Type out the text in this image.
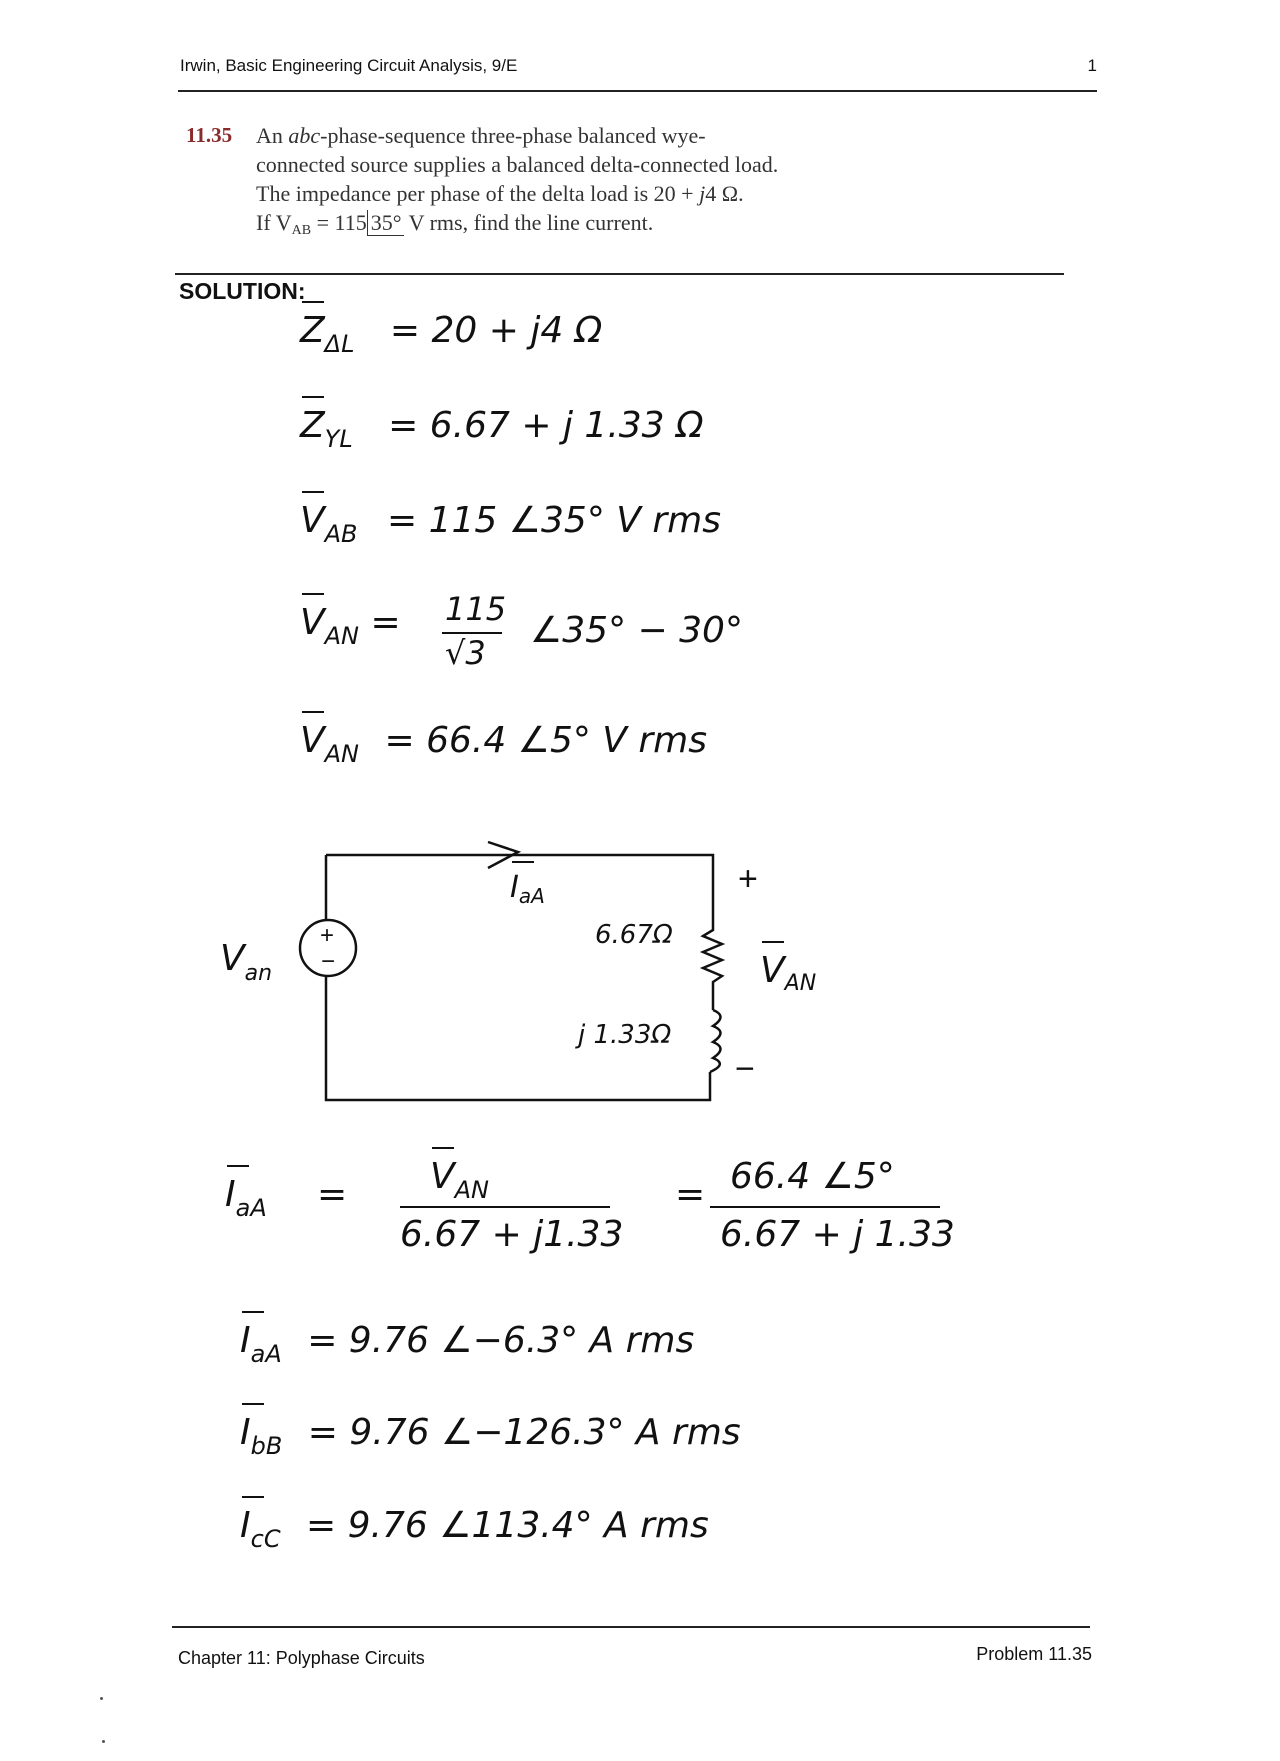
Irwin, Basic Engineering Circuit Analysis, 9/E	1
11.35 An abc-phase-sequence three-phase balanced wye-
connected source supplies a balanced delta-connected load.
The impedance per phase of the delta load is 20 + j4 Ω.
If $V_{AB} = 115$ 35° V rms, find the line current.
SOLUTION:
$Z_{\Delta L} = 20 + j4$ Ω
$Z_{YL} = 6.67 + j$ 1.33 Ω
$V_{AB} = 115$ ∠35° V rms
$V_{AN} = 115$
√3
∠35° − 30°
$V_{AN} = 66.4$ ∠5° V rms
$V_{an}$
+
−
$I_{aA}$
6.67Ω
j 1.33Ω
+
−
$V_{AN}$
$I_{aA} = V_{AN}$
6.67 + j1.33
= 66.4 ∠5°
6.67 + j 1.33
$I_{aA} = 9.76$ ∠−6.3° A rms
$I_{bB} = 9.76$ ∠−126.3° A rms
$I_{cC} = 9.76$ ∠113.4° A rms
Chapter 11: Polyphase Circuits	Problem 11.35
